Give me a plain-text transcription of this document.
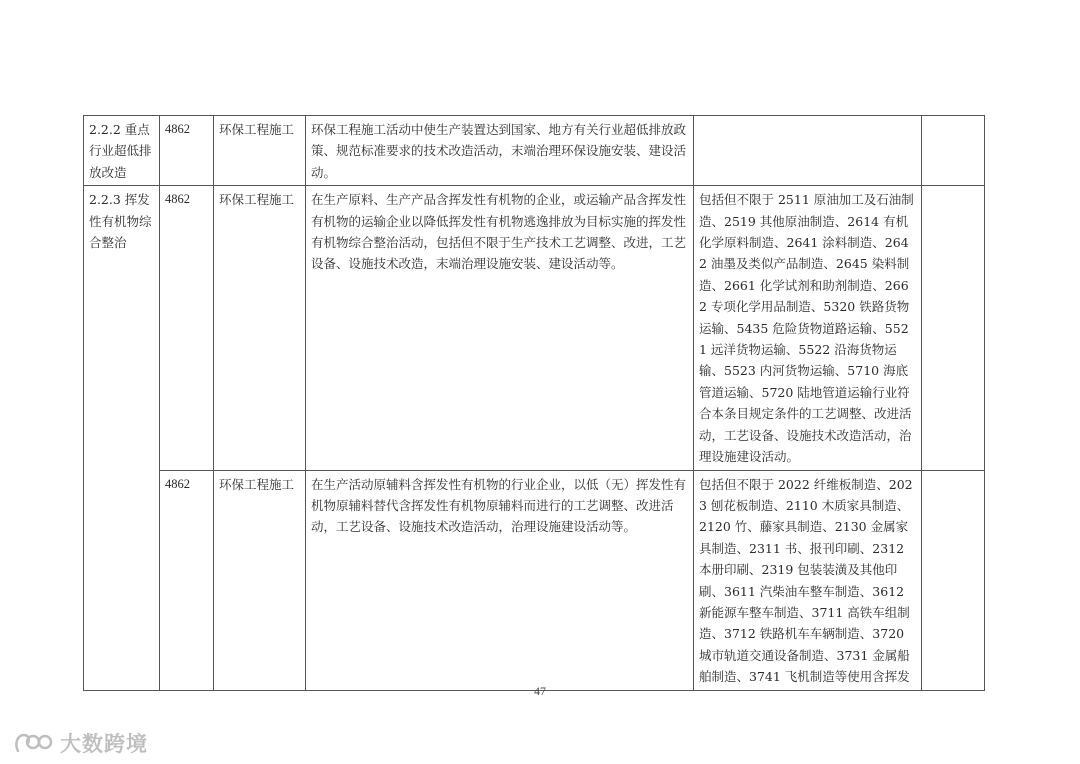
2.2.2 重点行业超低排放改造	4862	环保工程施工	环保工程施工活动中使生产装置达到国家、地方有关行业超低排放政策、规范标准要求的技术改造活动，末端治理环保设施安装、建设活动。		
2.2.3 挥发性有机物综合整治	4862	环保工程施工	在生产原料、生产产品含挥发性有机物的企业，或运输产品含挥发性有机物的运输企业以降低挥发性有机物逃逸排放为目标实施的挥发性有机物综合整治活动，包括但不限于生产技术工艺调整、改进，工艺设备、设施技术改造，末端治理设施安装、建设活动等。	包括但不限于 2511 原油加工及石油制造、2519 其他原油制造、2614 有机化学原料制造、2641 涂料制造、2642 油墨及类似产品制造、2645 染料制造、2661 化学试剂和助剂制造、2662 专项化学用品制造、5320 铁路货物运输、5435 危险货物道路运输、5521 远洋货物运输、5522 沿海货物运输、5523 内河货物运输、5710 海底管道运输、5720 陆地管道运输行业符合本条目规定条件的工艺调整、改进活动，工艺设备、设施技术改造活动，治理设施建设活动。	
	4862	环保工程施工	在生产活动原辅料含挥发性有机物的行业企业，以低（无）挥发性有机物原辅料替代含挥发性有机物原辅料而进行的工艺调整、改进活动，工艺设备、设施技术改造活动，治理设施建设活动等。	包括但不限于 2022 纤维板制造、2023 刨花板制造、2110 木质家具制造、2120 竹、藤家具制造、2130 金属家具制造、2311 书、报刊印刷、2312 本册印刷、2319 包装装潢及其他印刷、3611 汽柴油车整车制造、3612 新能源车整车制造、3711 高铁车组制造、3712 铁路机车车辆制造、3720 城市轨道交通设备制造、3731 金属船舶制造、3741 飞机制造等使用含挥发	
47
大数跨境
